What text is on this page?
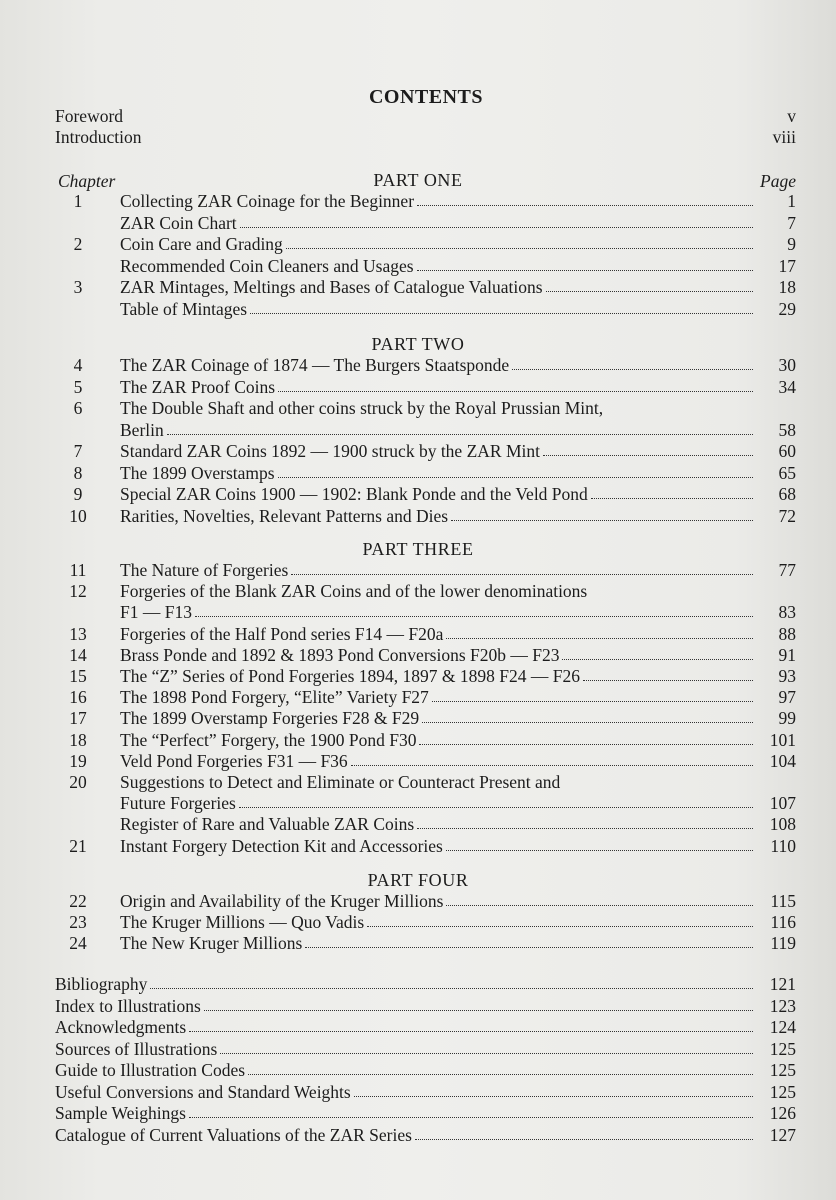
CONTENTS
Foreword	v
Introduction	viii
Chapter	Page
PART ONE
PART TWO
PART THREE
PART FOUR
1	Collecting ZAR Coinage for the Beginner	1
ZAR Coin Chart	7
2	Coin Care and Grading	9
Recommended Coin Cleaners and Usages	17
3	ZAR Mintages, Meltings and Bases of Catalogue Valuations	18
Table of Mintages	29
4	The ZAR Coinage of 1874 — The Burgers Staatsponde	30
5	The ZAR Proof Coins	34
6	The Double Shaft and other coins struck by the Royal Prussian Mint,
Berlin	58
7	Standard ZAR Coins 1892 — 1900 struck by the ZAR Mint	60
8	The 1899 Overstamps	65
9	Special ZAR Coins 1900 — 1902: Blank Ponde and the Veld Pond	68
10	Rarities, Novelties, Relevant Patterns and Dies	72
11	The Nature of Forgeries	77
12	Forgeries of the Blank ZAR Coins and of the lower denominations
F1 — F13	83
13	Forgeries of the Half Pond series F14 — F20a	88
14	Brass Ponde and 1892 & 1893 Pond Conversions F20b — F23	91
15	The “Z” Series of Pond Forgeries 1894, 1897 & 1898 F24 — F26	93
16	The 1898 Pond Forgery, “Elite” Variety F27	97
17	The 1899 Overstamp Forgeries F28 & F29	99
18	The “Perfect” Forgery, the 1900 Pond F30	101
19	Veld Pond Forgeries F31 — F36	104
20	Suggestions to Detect and Eliminate or Counteract Present and
Future Forgeries	107
Register of Rare and Valuable ZAR Coins	108
21	Instant Forgery Detection Kit and Accessories	110
22	Origin and Availability of the Kruger Millions	115
23	The Kruger Millions — Quo Vadis	116
24	The New Kruger Millions	119
Bibliography	121
Index to Illustrations	123
Acknowledgments	124
Sources of Illustrations	125
Guide to Illustration Codes	125
Useful Conversions and Standard Weights	125
Sample Weighings	126
Catalogue of Current Valuations of the ZAR Series	127
